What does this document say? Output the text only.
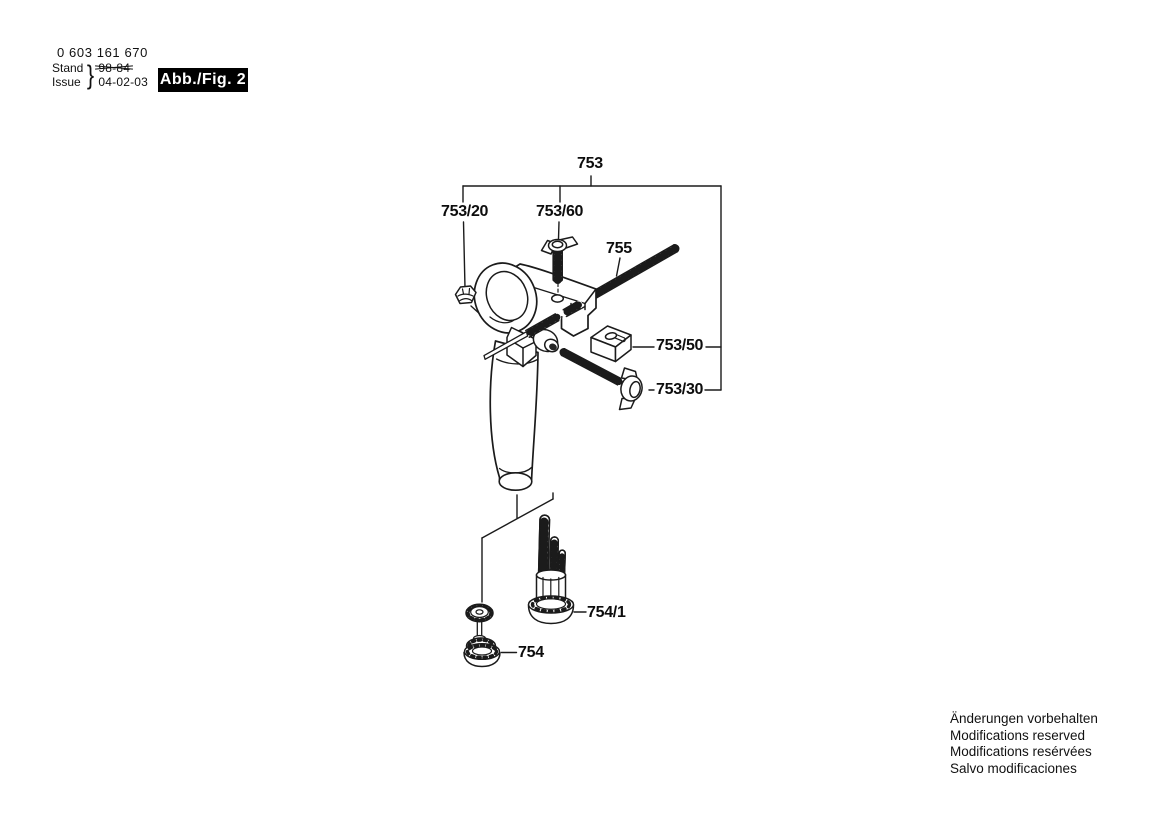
0 603 161 670
Stand
Issue } 98-84
04-02-03 Abb./Fig. 2
753
753/20	753/60
755
753/50
753/30
754/1
754
Änderungen vorbehalten
Modifications reserved
Modifications resérvées
Salvo modificaciones
